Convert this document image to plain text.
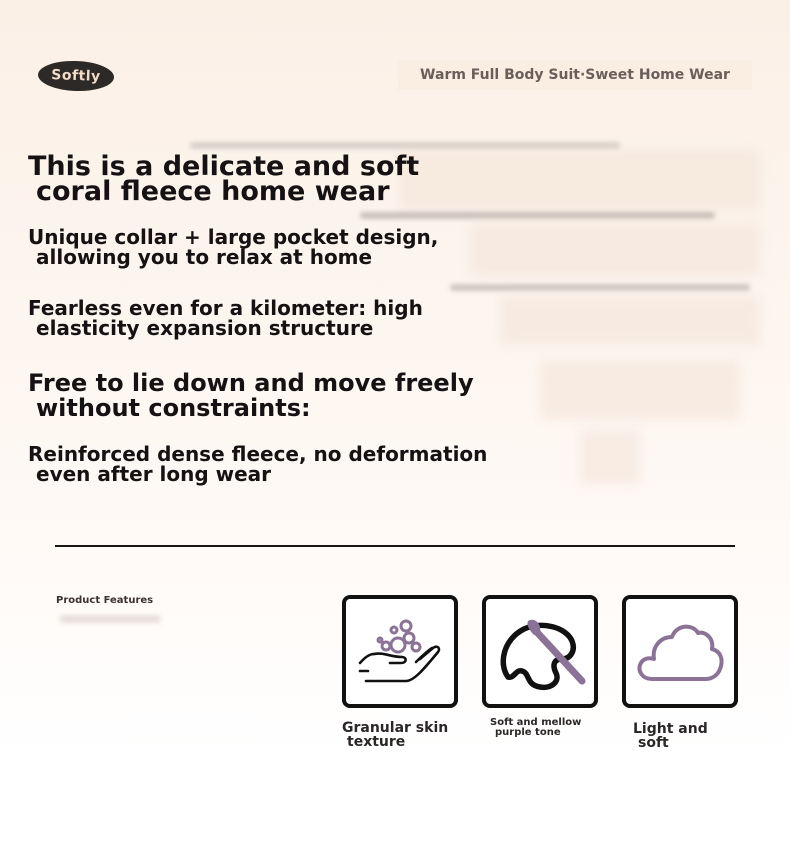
Softly	Warm Full Body Suit·Sweet Home Wear
This is a delicate and soft
coral fleece home wear
Unique collar + large pocket design,
allowing you to relax at home
Fearless even for a kilometer: high
elasticity expansion structure
Free to lie down and move freely
without constraints:
Reinforced dense fleece, no deformation
even after long wear
Product Features
Granular skin
texture
Soft and mellow
purple tone	Light and
soft
